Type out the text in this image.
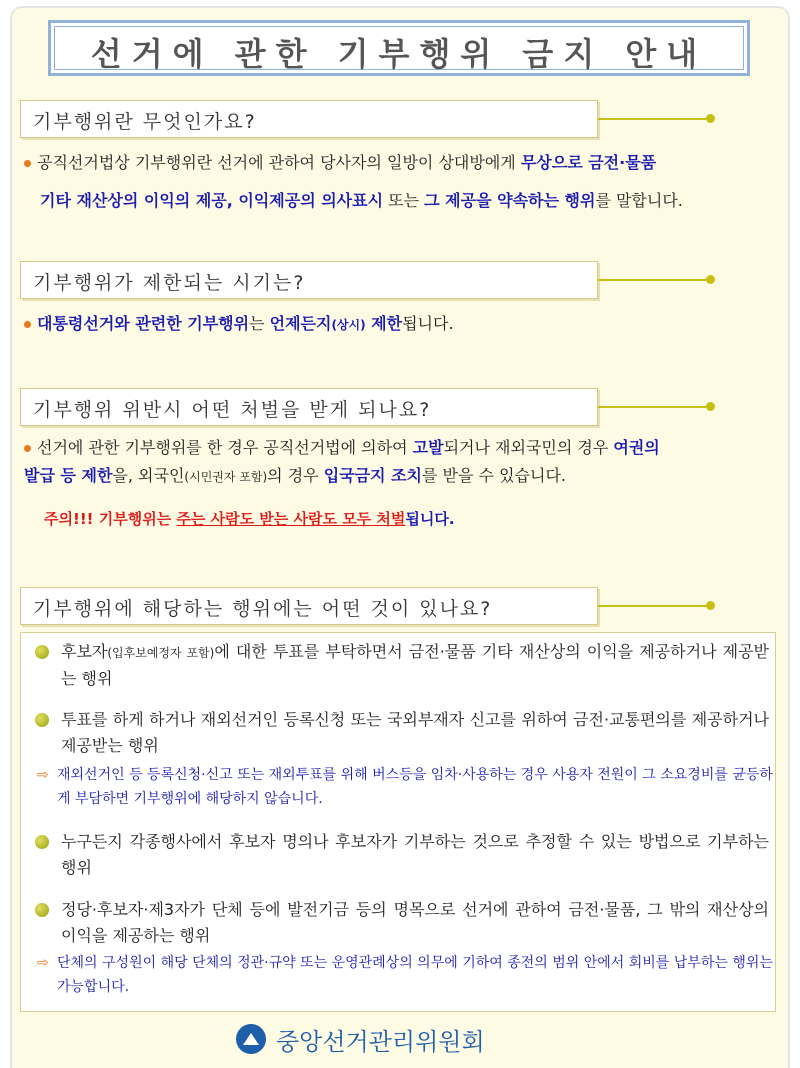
선거에 관한 기부행위 금지 안내
기부행위란 무엇인가요?
공직선거법상 기부행위란 선거에 관하여 당사자의 일방이 상대방에게 무상으로 금전·물품
기타 재산상의 이익의 제공, 이익제공의 의사표시 또는 그 제공을 약속하는 행위를 말합니다.
기부행위가 제한되는 시기는?
대통령선거와 관련한 기부행위는 언제든지(상시) 제한됩니다.
기부행위 위반시 어떤 처벌을 받게 되나요?
선거에 관한 기부행위를 한 경우 공직선거법에 의하여 고발되거나 재외국민의 경우 여권의
발급 등 제한을, 외국인(시민권자 포함)의 경우 입국금지 조치를 받을 수 있습니다.
주의!!! 기부행위는 주는 사람도 받는 사람도 모두 처벌됩니다.
기부행위에 해당하는 행위에는 어떤 것이 있나요?
후보자(입후보예정자 포함)에 대한 투표를 부탁하면서 금전·물품 기타 재산상의 이익을 제공하거나 제공받는 행위
투표를 하게 하거나 재외선거인 등록신청 또는 국외부재자 신고를 위하여 금전·교통편의를 제공하거나 제공받는 행위
⇨ 재외선거인 등 등록신청·신고 또는 재외투표를 위해 버스등을 임차·사용하는 경우 사용자 전원이 그 소요경비를 균등하게 부담하면 기부행위에 해당하지 않습니다.
누구든지 각종행사에서 후보자 명의나 후보자가 기부하는 것으로 추정할 수 있는 방법으로 기부하는 행위
정당·후보자·제3자가 단체 등에 발전기금 등의 명목으로 선거에 관하여 금전·물품, 그 밖의 재산상의 이익을 제공하는 행위
⇨ 단체의 구성원이 해당 단체의 정관·규약 또는 운영관례상의 의무에 기하여 종전의 범위 안에서 회비를 납부하는 행위는 가능합니다.
중앙선거관리위원회
